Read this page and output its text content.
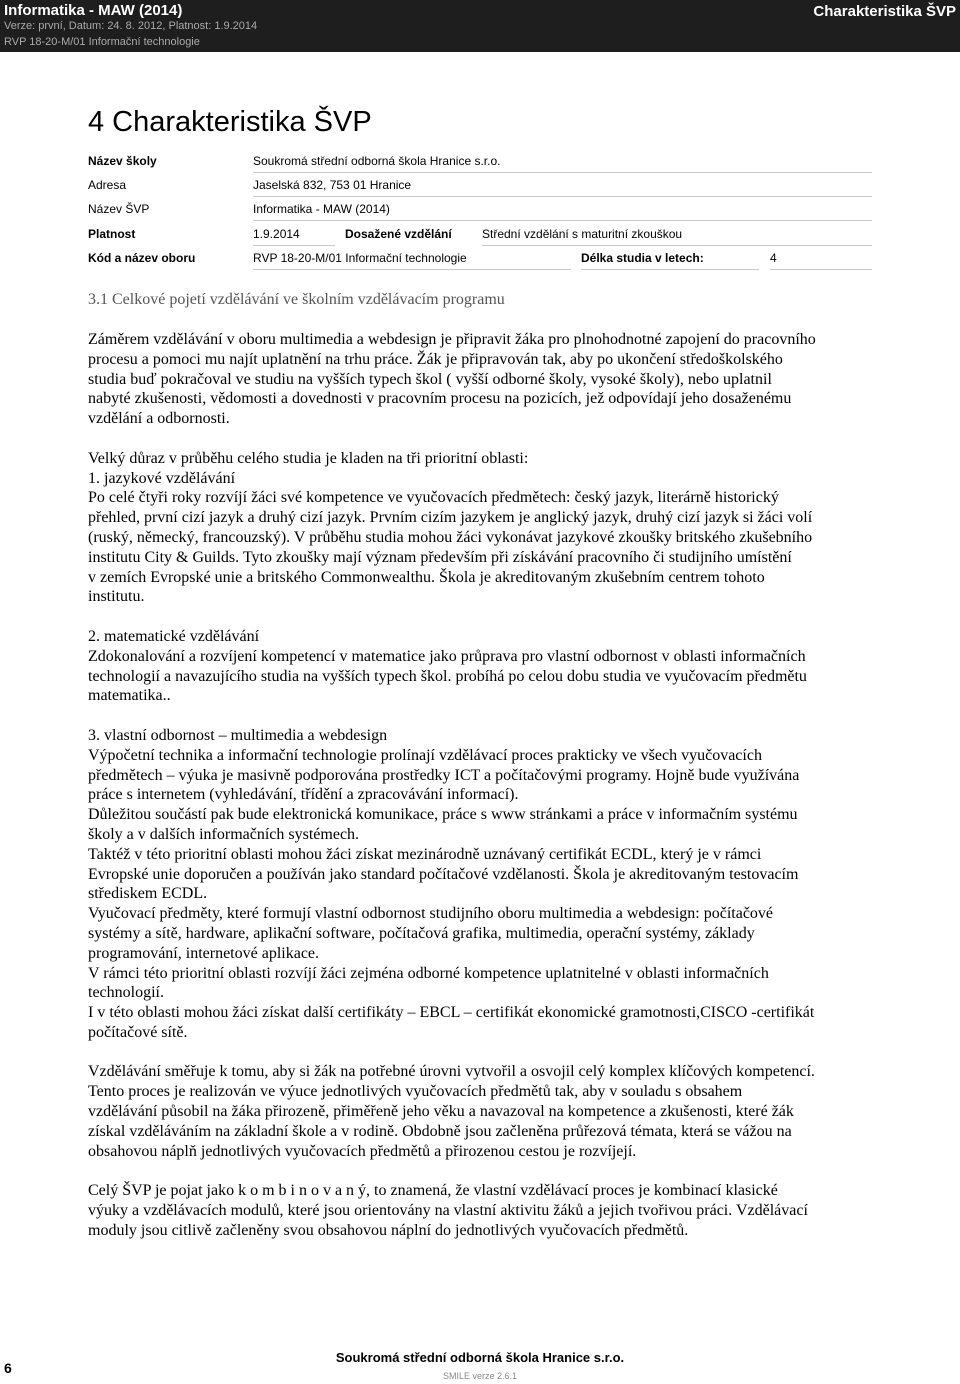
Informatika - MAW (2014)
Verze: první, Datum: 24. 8. 2012, Platnost: 1.9.2014
RVP 18-20-M/01 Informační technologie
Charakteristika ŠVP
4 Charakteristika ŠVP
Název školy	Soukromá střední odborná škola Hranice s.r.o.
Adresa	Jaselská 832, 753 01 Hranice
Název ŠVP	Informatika - MAW (2014)
Platnost	1.9.2014	Dosažené vzdělání	Střední vzdělání s maturitní zkouškou
Kód a název oboru	RVP 18-20-M/01 Informační technologie	Délka studia v letech:	4
3.1 Celkové pojetí vzdělávání ve školním vzdělávacím programu

Záměrem vzdělávání v oboru multimedia a webdesign je připravit žáka pro plnohodnotné zapojení do pracovního
procesu a pomoci mu najít uplatnění na trhu práce. Žák je připravován tak, aby po ukončení středoškolského
studia buď pokračoval ve studiu na vyšších typech škol ( vyšší odborné školy, vysoké školy), nebo uplatnil
nabyté zkušenosti, vědomosti a dovednosti v pracovním procesu na pozicích, jež odpovídají jeho dosaženému
vzdělání a odbornosti.

Velký důraz v průběhu celého studia je kladen na tři prioritní oblasti:
1. jazykové vzdělávání
Po celé čtyři roky rozvíjí žáci své kompetence ve vyučovacích předmětech: český jazyk, literárně historický
přehled, první cizí jazyk a druhý cizí jazyk. Prvním cizím jazykem je anglický jazyk, druhý cizí jazyk si žáci volí
(ruský, německý, francouzský). V průběhu studia mohou žáci vykonávat jazykové zkoušky britského zkušebního
institutu City & Guilds. Tyto zkoušky mají význam především při získávání pracovního či studijního umístění
v zemích Evropské unie a britského Commonwealthu. Škola je akreditovaným zkušebním centrem tohoto
institutu.

2. matematické vzdělávání
Zdokonalování a rozvíjení kompetencí v matematice jako průprava pro vlastní odbornost v oblasti informačních
technologií a navazujícího studia na vyšších typech škol. probíhá po celou dobu studia ve vyučovacím předmětu
matematika..

3. vlastní odbornost – multimedia a webdesign
Výpočetní technika a informační technologie prolínají vzdělávací proces prakticky ve všech vyučovacích
předmětech – výuka je masivně podporována prostředky ICT a počítačovými programy. Hojně bude využívána
práce s internetem (vyhledávání, třídění a zpracovávání informací).
Důležitou součástí pak bude elektronická komunikace, práce s www stránkami a práce v informačním systému
školy a v dalších informačních systémech.
Taktéž v této prioritní oblasti mohou žáci získat mezinárodně uznávaný certifikát ECDL, který je v rámci
Evropské unie doporučen a používán jako standard počítačové vzdělanosti. Škola je akreditovaným testovacím
střediskem ECDL.
Vyučovací předměty, které formují vlastní odbornost studijního oboru multimedia a webdesign: počítačové
systémy a sítě, hardware, aplikační software, počítačová grafika, multimedia, operační systémy, základy
programování, internetové aplikace.
V rámci této prioritní oblasti rozvíjí žáci zejména odborné kompetence uplatnitelné v oblasti informačních
technologií.
I v této oblasti mohou žáci získat další certifikáty – EBCL – certifikát ekonomické gramotnosti,CISCO -certifikát
počítačové sítě.

Vzdělávání směřuje k tomu, aby si žák na potřebné úrovni vytvořil a osvojil celý komplex klíčových kompetencí.
Tento proces je realizován ve výuce jednotlivých vyučovacích předmětů tak, aby v souladu s obsahem
vzdělávání působil na žáka přirozeně, přiměřeně jeho věku a navazoval na kompetence a zkušenosti, které žák
získal vzděláváním na základní škole a v rodině. Obdobně jsou začleněna průřezová témata, která se vážou na
obsahovou náplň jednotlivých vyučovacích předmětů a přirozenou cestou je rozvíjejí.

Celý ŠVP je pojat jako k o m b i n o v a n ý, to znamená, že vlastní vzdělávací proces je kombinací klasické
výuky a vzdělávacích modulů, které jsou orientovány na vlastní aktivitu žáků a jejich tvořivou práci. Vzdělávací
moduly jsou citlivě začleněny svou obsahovou náplní do jednotlivých vyučovacích předmětů.

6
Soukromá střední odborná škola Hranice s.r.o.
SMILE verze 2.6.1
